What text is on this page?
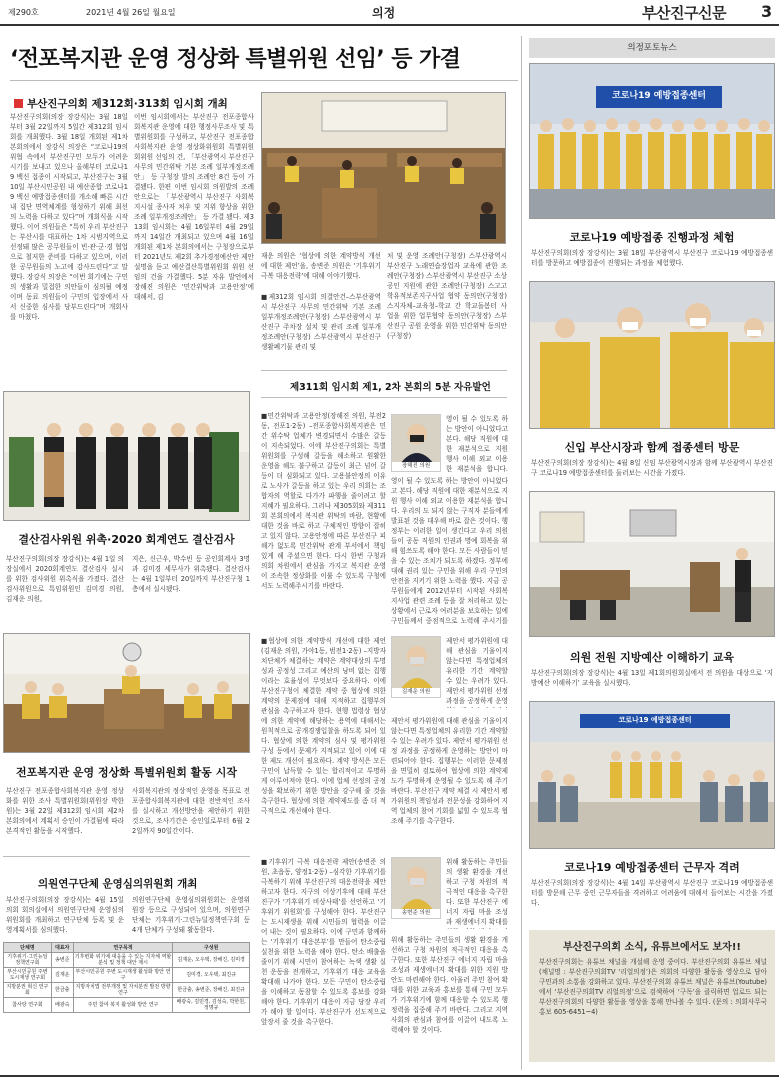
제290호	2021년 4월 26일 월요일	의정	부산진구신문 3
‘전포복지관 운영 정상화 특별위원 선임’ 등 가결
부산진구의회 제312회·313회 임시회 개최
부산진구의회(의장 장강식)는 3월 18일부터 3월 22일까지 5일간 제312회 임시회를 개최했다. 3월 18일 개회된 제1차 본회의에서 장강식 의장은 “코로나19의 위협 속에서 부산진구민 모두가 어려운 시기를 보내고 있으나 올해부터 코로나19 백신 접종이 시작되고, 부산진구는 3월 10일 부산시민공원 내 예산종합 코로나19 백신 예방접종센터를 개소해 빠른 시간 내 집단 면역체계를 형성하기 위해 최선의 노력을 다하고 있다”며 개회식을 시작했다. 이어 의원들은 “특히 우리 부산진구는 부산시를 대표하는 1차 시범지역으로 선정돼 많은 공무원들이 빈·관·군·경 협업으로 철저한 준비를 다하고 있으며, 이러한 공무원들의 노고에 감사드린다”고 말했다. 장강식 의장은 “이번 회기에는 구민의 생활과 밀접한 의안들이 심의될 예정이며 동료 의원들이 구민의 입장에서 사서 신중한 심사를 당부드린다”며 개회사를 마쳤다.
이번 임시회에서는 부산진구 전포종합사회복지관 운영에 대한 행정사무조사 및 특별위원회를 구성하고, 부산진구 전포종합사회복지관 운영 정상화위원회 특별위원회위원 선임의 건, 「부산광역시 부산진구 사무의 민간위탁 기본 조례 일부개정조례안」 등 구청장 발의 조례안 8건 등이 가결됐다. 한편 이번 임시회 의원발의 조례안으로는 「부산광역시 부산진구 사회복지시설 종사자 처우 및 지위 향상을 위한 조례 일부개정조례안」 등 가결 됐다. 제313회 임시회는 4월 16일부터 4월 29일까지 14일간 개최되고 있으며 4월 16일 개회된 제1차 본회의에서는 구청장으로부터 2021년도 제2회 추가경정예산안 제안 설명을 듣고 예산결산특별위원회 위원 선임의 건을 가결했다. 5분 자유 발언에서 장해진 의원은 ‘민간위탁과 고용안정’에 대해서, 김
재운 의원은 ‘협상에 의한 계약방식 개선에 대한 제언’을, 송변준 의원은 ‘기후위기 극복 대응전략’에 대해 이야기했다.
■제312회 임시회 의결안건–스부산광역시 부산진구 사무의 민간위탁 기본 조례 일부개정조례안(구청장) 스부산광역시 부산진구 주차장 설치 및 관리 조례 일부개정조례안(구청장) 스부산광역시 부산진구 생활폐기물 관리 및
처 및 운영 조례안(구청장) 스부산광역시 부산진구 노래연습장업자 교육에 관한 조례안(구청장) 스부산광역시 부산진구 소상공인 지원에 관한 조례안(구청장) 스고고학유적보존지구사업 협약 동의안(구청장) 스지자체–교육청–학교 간 학교돌봄터 사업을 위한 업무협약 동의안(구청장) 스부산진구 공원 운영을 위한 민간위탁 동의안(구청장)
제311회 임시회 제1, 2차 본회의 5분 자유발언
■민간위탁과 고용안정(장해진 의원, 부전2동, 전포1·2동) –전포종합사회복지관은 민간 위수탁 업체가 변경되면서 수많은 갈등이 지속되었다. 이에 부산진구의회는 특별위원회를 구성해 갈등을 해소하고 원활한 운영을 해도 불구하고 갈등이 최근 넘어 갈등이 더 심화되고 있다. 고용불안정의 이유로 노사가 갈등을 하고 있는 우리 의회는 조합자의 역할로 다가가 파행을 줄이려고 할 지혜가 필요하다. 그러나 제305회와 제311회 본회의에서 복지관 위탁의 바람, 현황에 대한 것을 바로 하고 구체적인 방향이 잡히고 있지 않다. 고용안정에 따른 부산진구 피해가 없도록 민간위탁 관계 부서에서 책임있게 해 주셨으면 한다. 다시 한번 구청과 의회 차원에서 관심을 가지고 복지관 운영이 조속한 정상화를 이룰 수 있도록 구청에서도 노력해주시기를 바란다.
장해진 의원
영이 될 수 있도록 하는 방안이 아니었다고 본다. 해당 직원에 대한 재분석으로 지원 행사 이해 외교 이용한 재분석을 합니다.
영이 될 수 있도록 하는 방안이 아니었다고 본다. 해당 직원에 대한 재분석으로 지원 행사 이해 외교 이용한 재분석을 합니다. 우리의 도 되지 않는 구직자 분들에게 발표된 것을 대우해 바로 잡은 것이다. 행정부는 이러한 일이 생긴다고 우리 의원들이 공동 직원의 인권과 명예 회복을 위해 힘쓰도록 해야 한다. 모든 사람들이 믿을 수 있는 조치가 되도록 하겠다. 정부에 대해 권리 있는 구민을 위해 우리 구민의 안전을 지키기 위한 노력을 했다. 지금 공무원들에게 2012년부터 시작된 사회복지사업 관련 조례 등을 잘 처리하고 있는 상황에서 근로자 여러분을 보호하는 일에 구민들께서 중점적으로 노력해 주시기를
■협상에 의한 계약방식 개선에 대한 제언(김재운 의원, 가야1동, 범전1·2동) –지방자치단체가 체결하는 계약은 계약대상의 투명성과 공정성 그리고 예산의 낭비 없는 집행이라는 효율성이 무엇보다 중요하다. 이에 부산진구청이 체결한 계약 중 협상에 의한 계약의 문제점에 대해 지적하고 집행부의 관심을 촉구하고자 한다. 현행 법령상 협상에 의한 계약에 해당하는 용역에 대해서는 원칙적으로 공개경쟁입찰을 하도록 되어 있다. 협상에 의한 계약의 심사 및 평가위원 구성 등에서 문제가 지적되고 있어 이에 대한 제도 개선이 필요하다. 계약 방식은 모든 구민이 납득할 수 있는 합리적이고 투명하게 이루어져야 한다. 이에 업체 선정의 공정성을 확보하기 위한 방안을 강구해 줄 것을 촉구한다. 협상에 의한 계약제도를 좀 더 적극적으로 개선해야 한다.
김재운 의원
제안서 평가위원에 대해 관심을 기울이지 않는다면 특정업체의 유리한 기간 계약할 수 있는 우려가 있다. 제안서 평가위원 선정 과정을 공정하게 운영
제안서 평가위원에 대해 관심을 기울이지 않는다면 특정업체의 유리한 기간 계약할 수 있는 우려가 있다. 제안서 평가위원 선정 과정을 공정하게 운영하는 방안이 마련되어야 한다. 집행부는 이러한 문제점을 면밀히 검토하여 협상에 의한 계약제도가 투명하게 운영될 수 있도록 해 주기 바란다. 부산진구 계약 체결 시 제안서 평가위원의 책임성과 전문성을 강화하여 지역 업체의 참여 기회를 넓힐 수 있도록 협조해 주기를 촉구한다.
■기후위기 극복 대응전략 제안(송변준 의원, 초읍동, 양정1·2동) –심각한 기후위기를 극복하기 위해 부산진구의 대응전략을 제안하고자 한다. 지구의 이상기후에 대해 부산진구가 ‘기후위기 비상사태’를 선언하고 ‘기후위기 위원회’를 구성해야 한다. 부산진구는 도시재생을 위해 시민들의 협력을 이끌어 내는 것이 필요하다. 이에 구민과 함께하는 ‘기후위기 대응본부’를 만들어 탄소중립 실천을 위한 노력을 해야 한다. 탄소 배출을 줄이기 위해 시민이 참여하는 녹색 생활 실천 운동을 전개하고, 기후위기 대응 교육을 확대해 나가야 한다. 모든 구민이 탄소중립을 이해하고 동참할 수 있도록 홍보를 강화해야 한다. 기후위기 대응이 지금 당장 우리가 해야 할 일이다. 부산진구가 선도적으로 앞장서 줄 것을 촉구한다.
송변준 의원
위해 활동하는 주민들의 생활 환경을 개선하고 구청 차원의 적극적인 대응을 촉구한다. 또한 부산진구 에너지 자립 마을 조성과 재생에너지 확대를
위해 활동하는 주민들의 생활 환경을 개선하고 구청 차원의 적극적인 대응을 촉구한다. 또한 부산진구 에너지 자립 마을 조성과 재생에너지 확대를 위한 지원 방안도 마련해야 한다. 아울러 주민 참여 확대를 위한 교육과 홍보를 통해 구민 모두가 기후위기에 함께 대응할 수 있도록 행정력을 집중해 주기 바란다. 그리고 지역 사회의 관심과 참여를 이끌어 내도록 노력해야 할 것이다.
결산검사위원 위촉·2020 회계연도 결산검사
부산진구의회(의장 장강식)는 4월 1일 의장실에서 2020회계연도 결산검사 실시를 위한 검사위원 위촉식을 가졌다. 결산검사위원으로 특임위원인 김미경 의원, 김재운 의원,
지은, 신근우, 박수빈 등 공인회계사 3명과 김미경 세무사가 위촉됐다. 결산검사는 4월 1일부터 20일까지 부산진구청 1층에서 실시됐다.
전포복지관 운영 정상화 특별위원회 활동 시작
부산진구 전포종합사회복지관 운영 정상화를 위한 조사 특별위원회(위원장 박한원)는 3월 22일 제312회 임시회 제2차 본회의에서 계획서 승인이 가결됨에 따라 본격적인 활동을 시작했다.
사회복지관의 정상적인 운영을 목표로 전포종합사회복지관에 대한 전반적인 조사를 실시하고 개선방안을 제안하기 위한 것으로, 조사기간은 승인일로부터 6월 22일까지 90일간이다.
의원연구단체 운영심의위원회 개최
부산진구의회(의장 장강식)는 4월 15일 의회 회의실에서 의원연구단체 운영심의위원회를 개최하고 연구단체 등록 및 운영계획서를 심의했다.
의원연구단체 운영심의위원회는 운영위원장 등으로 구성되어 있으며, 의원연구단체는 기후위기·그린뉴딜정책연구회 등 4개 단체가 구성돼 활동한다.
단체명	대표자	연구목적	구성원
기후위기·그린뉴딜 정책연구회	송변준	기후변화 위기에 대응을 수 있는 지자체 역할 분석 및 정책 대안 제시	김재운, 오우택, 장해진, 김미경
부산시민공원 주변 도시재생 연구회	김재운	부산시민공원 주변 도시재생 활성화 방안 연구	김미경, 오우택, 최진규
지방분권 혁신 연구회	한금출	지방자치법 전부개정 및 자치분권 발전 방향 연구	한금출, 송변준, 장해진, 최진규
참사랑 연구회	배광숙	주민 참여 복지 활성화 방안 연구	배광숙, 김민경, 김성숙, 박한원, 정명규
의정포토뉴스
코로나19 예방접종센터
코로나19 예방접종 진행과정 체험
부산진구의회(의장 장강식)는 3월 18일 부산광역시 부산진구 코로나19 예방접종센터를 방문하고 예방접종이 진행되는 과정을 체험했다.
신입 부산시장과 함께 접종센터 방문
부산진구의회(의장 장강식)는 4월 8일 신임 부산광역시장과 함께 부산광역시 부산진구 코로나19 예방접종센터를 둘러보는 시간을 가졌다.
의원 전원 지방예산 이해하기 교육
부산진구의회(의장 장강식)는 4월 13일 제1회의원회실에서 전 의원을 대상으로 ‘지방예산 이해하기’ 교육을 실시했다.
코로나19 예방접종센터
코로나19 예방접종센터 근무자 격려
부산진구의회(의장 장강식)는 4월 14일 부산광역시 부산진구 코로나19 예방접종센터를 방문해 근무 중인 근무자들을 격려하고 어려움에 대해서 들어보는 시간을 가졌다.
부산진구의회 소식, 유튜브에서도 보자!!
부산진구의회는 유튜브 채널을 개설해 운영 중이다. 부산진구의회 유튜브 채널(채널명 : 부산진구의회TV ‘리얼의정’)은 의회의 다양한 활동을 영상으로 담아 구민과의 소통을 강화하고 있다. 부산진구의회 유튜브 채널은 유튜브(Youtube)에서 ‘부산진구의회TV 리얼의정’으로 검색하여 ‘구독’을 클릭하면 업로드 되는 부산진구의회의 다양한 활동을 영상을 통해 만나볼 수 있다. (문의 : 의회사무국 홍보 605-6451~4)
